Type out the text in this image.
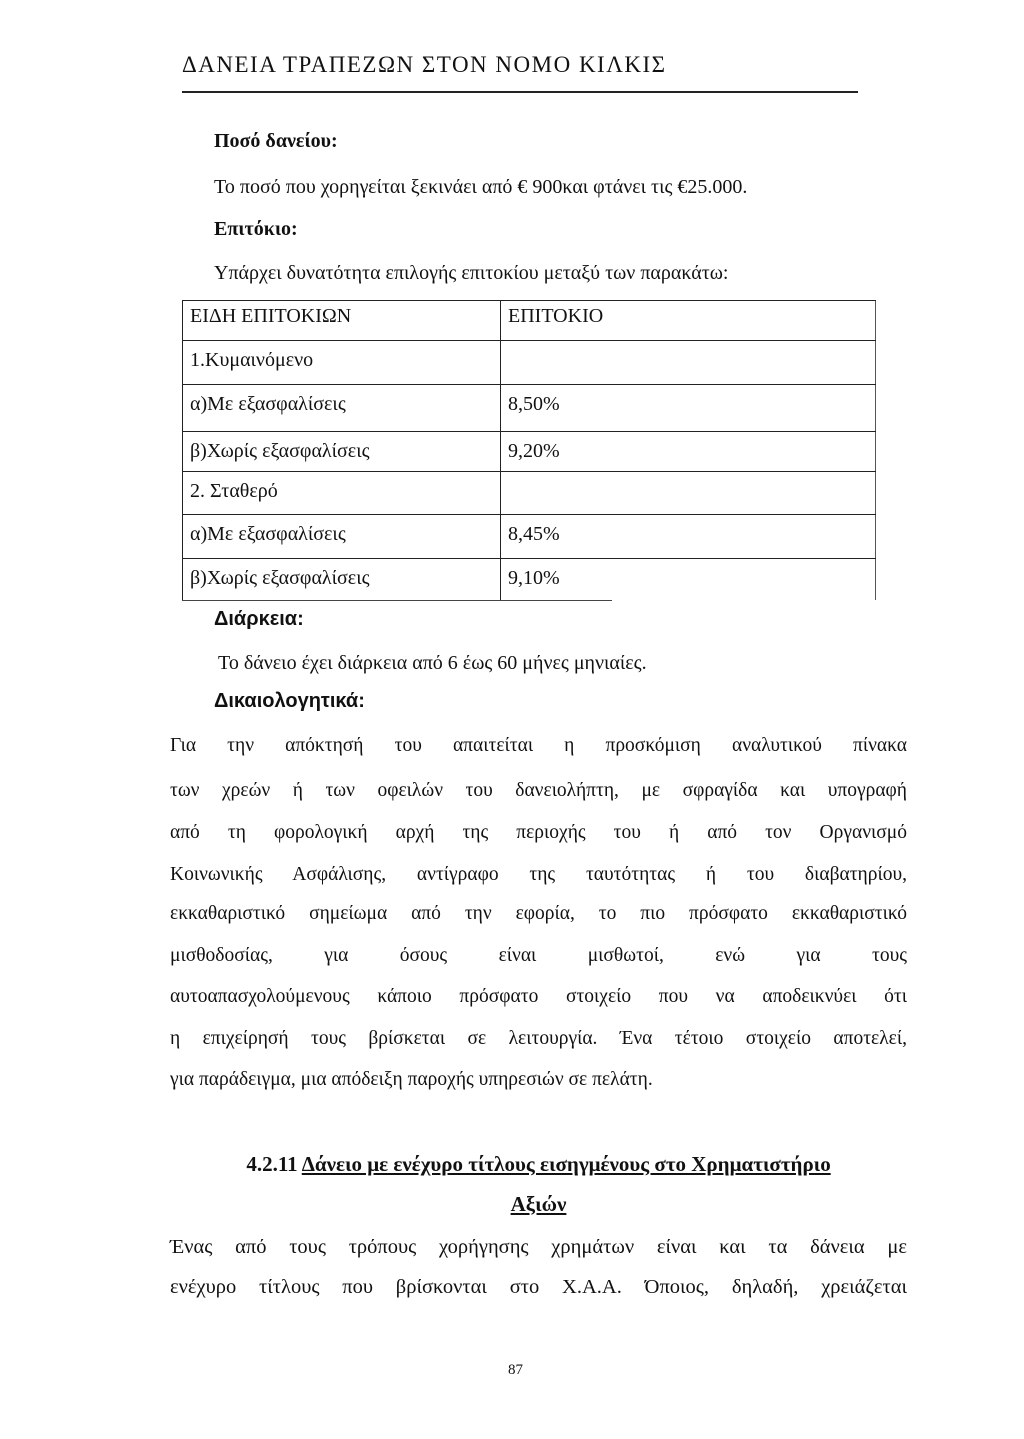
ΔΑΝΕΙΑ ΤΡΑΠΕΖΩΝ ΣΤΟΝ ΝΟΜΟ ΚΙΛΚΙΣ
Ποσό δανείου:
Το ποσό που χορηγείται ξεκινάει από € 900και φτάνει τις €25.000.
Επιτόκιο:
Υπάρχει δυνατότητα επιλογής επιτοκίου μεταξύ των παρακάτω:
ΕΙΔΗ ΕΠΙΤΟΚΙΩΝ	ΕΠΙΤΟΚΙΟ
1.Κυμαινόμενο
α)Με εξασφαλίσεις	8,50%
β)Χωρίς εξασφαλίσεις	9,20%
2. Σταθερό
α)Με εξασφαλίσεις	8,45%
β)Χωρίς εξασφαλίσεις	9,10%
Διάρκεια:
Το δάνειο έχει διάρκεια από 6 έως 60 μήνες μηνιαίες.
Δικαιολογητικά:
Για την απόκτησή του απαιτείται η προσκόμιση αναλυτικού πίνακα
των χρεών ή των οφειλών του δανειολήπτη, με σφραγίδα και υπογραφή
από τη φορολογική αρχή της περιοχής του ή από τον Οργανισμό
Κοινωνικής Ασφάλισης, αντίγραφο της ταυτότητας ή του διαβατηρίου,
εκκαθαριστικό σημείωμα από την εφορία, το πιο πρόσφατο εκκαθαριστικό
μισθοδοσίας, για όσους είναι μισθωτοί, ενώ για τους
αυτοαπασχολούμενους κάποιο πρόσφατο στοιχείο που να αποδεικνύει ότι
η επιχείρησή τους βρίσκεται σε λειτουργία. Ένα τέτοιο στοιχείο αποτελεί,
για παράδειγμα, μια απόδειξη παροχής υπηρεσιών σε πελάτη.
4.2.11 Δάνειο με ενέχυρο τίτλους εισηγμένους στο Χρηματιστήριο
Αξιών
Ένας από τους τρόπους χορήγησης χρημάτων είναι και τα δάνεια με
ενέχυρο τίτλους που βρίσκονται στο Χ.Α.Α. Όποιος, δηλαδή, χρειάζεται
87
